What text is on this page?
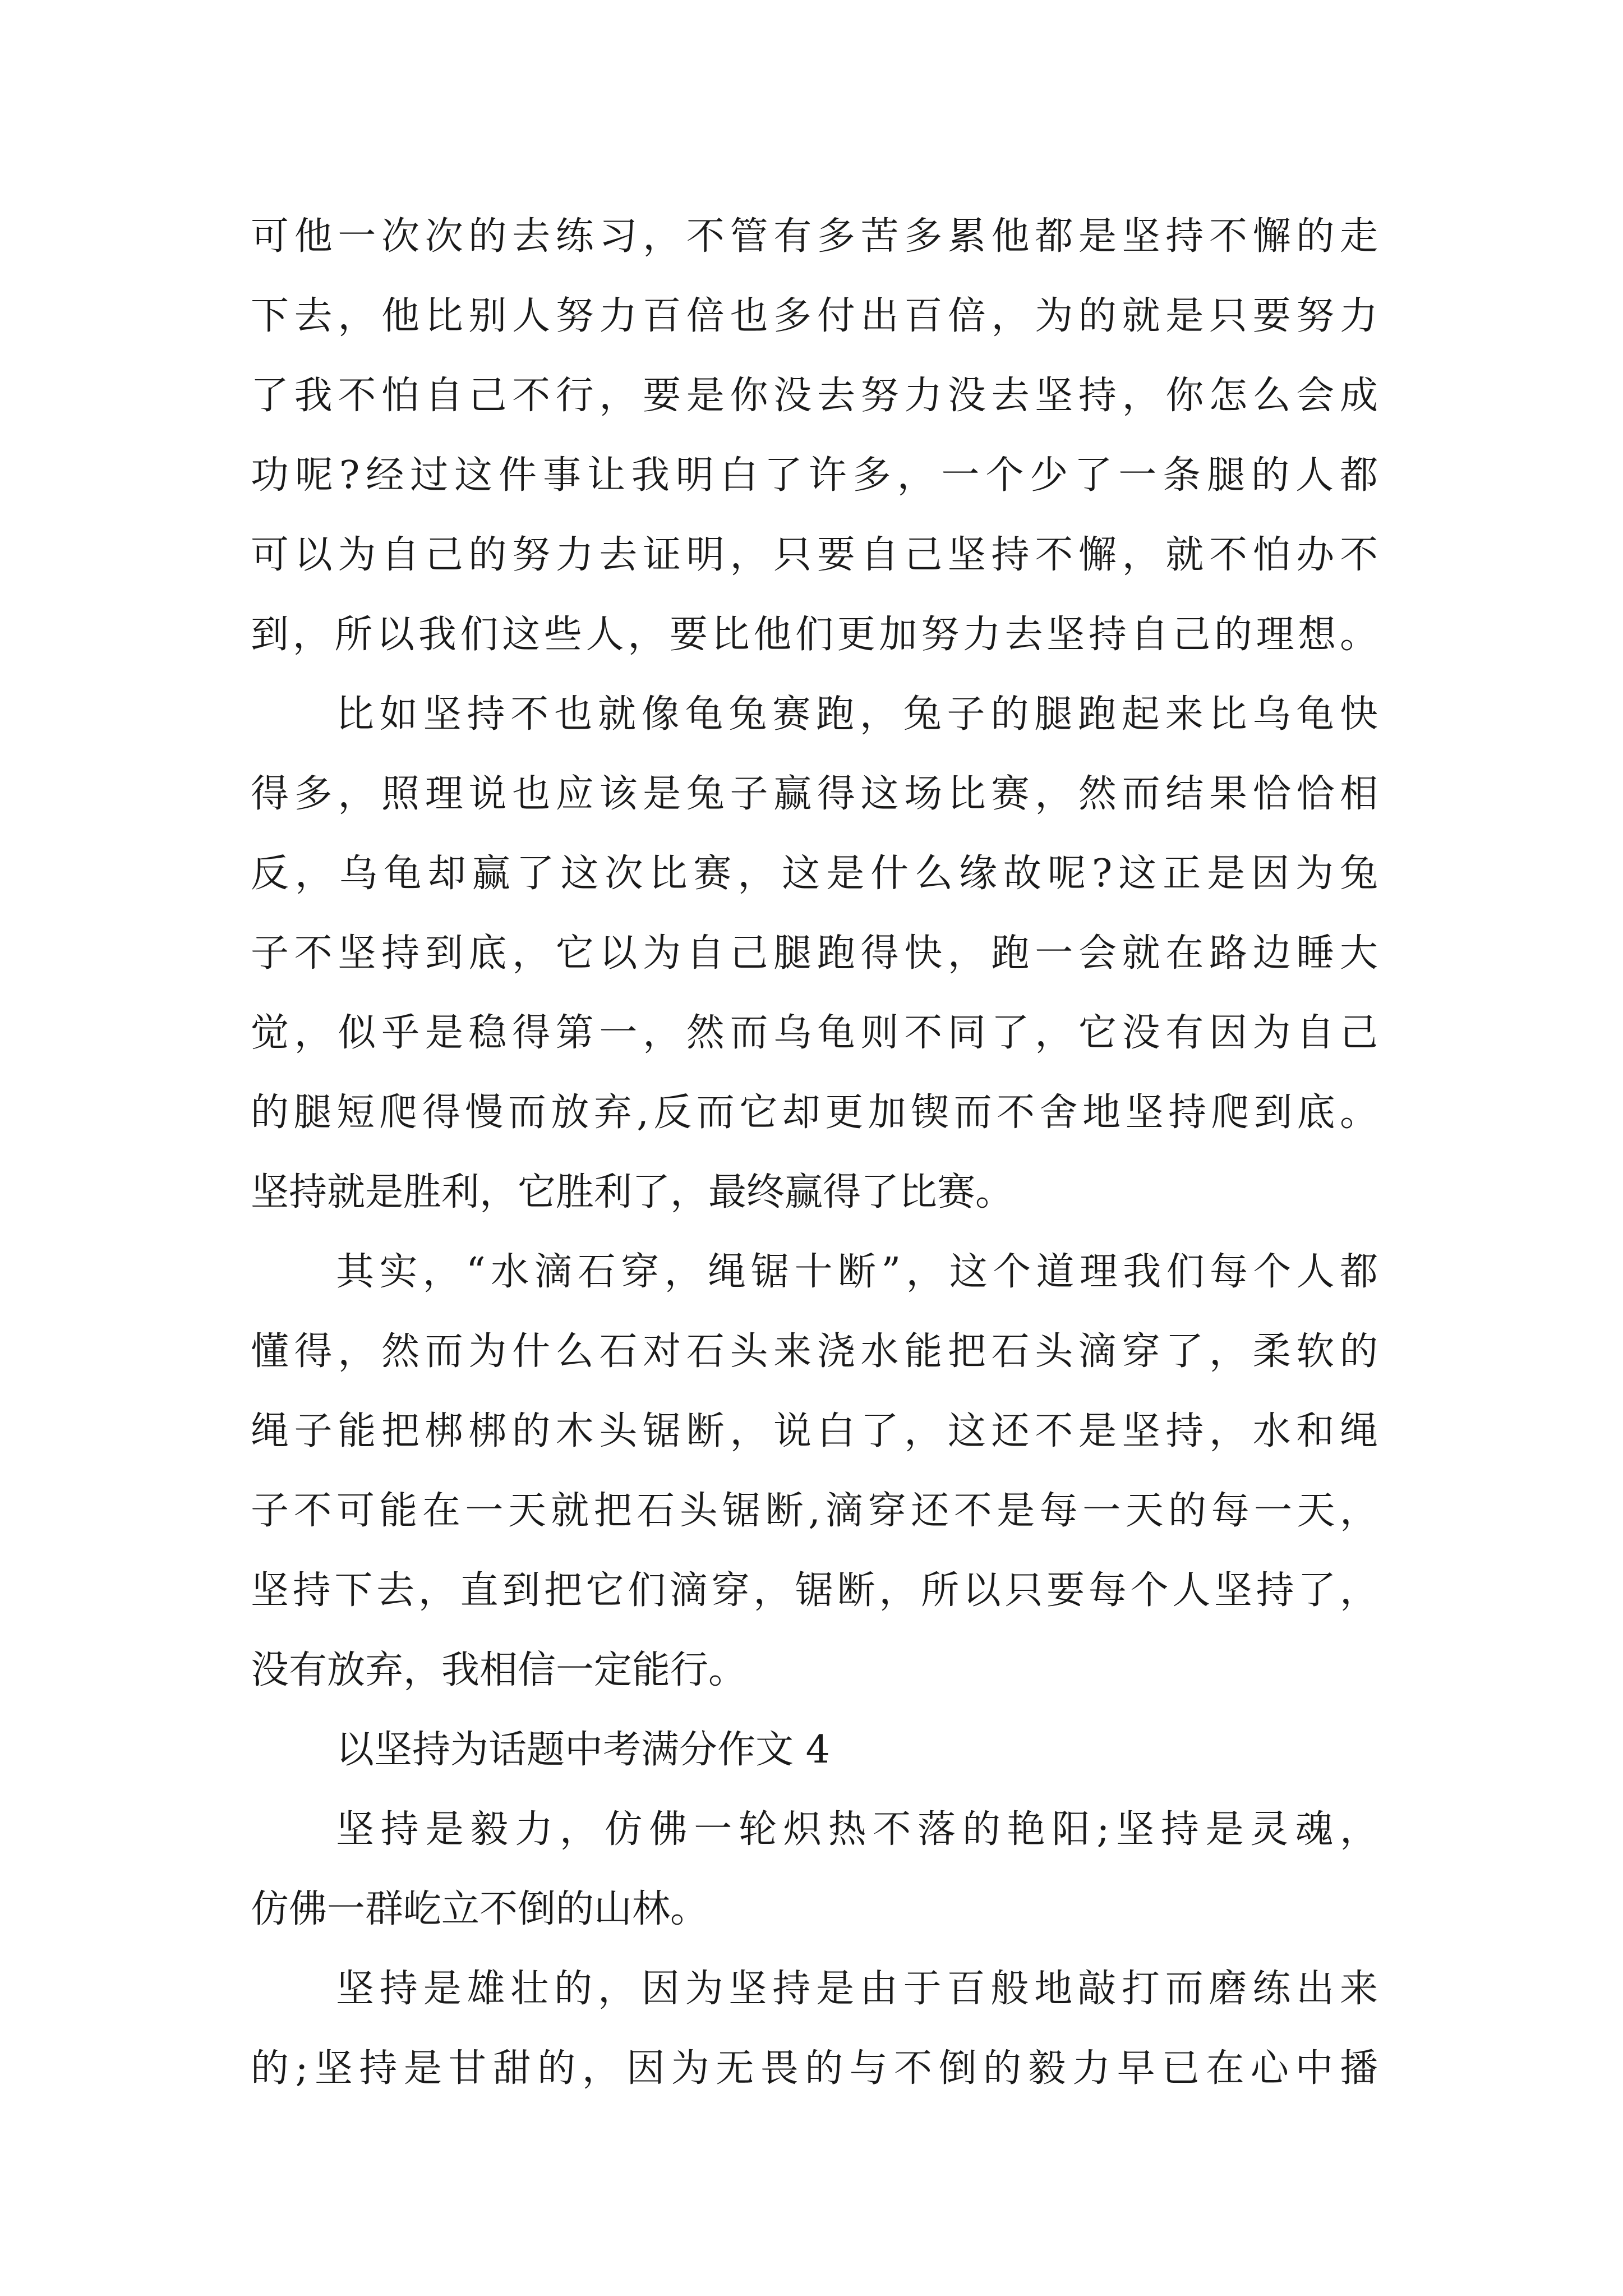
可他一次次的去练习，不管有多苦多累他都是坚持不懈的走

下去，他比别人努力百倍也多付出百倍，为的就是只要努力

了我不怕自己不行，要是你没去努力没去坚持，你怎么会成

功呢?经过这件事让我明白了许多，一个少了一条腿的人都

可以为自己的努力去证明，只要自己坚持不懈，就不怕办不

到，所以我们这些人，要比他们更加努力去坚持自己的理想。

比如坚持不也就像龟兔赛跑，兔子的腿跑起来比乌龟快

得多，照理说也应该是兔子赢得这场比赛，然而结果恰恰相

反，乌龟却赢了这次比赛，这是什么缘故呢?这正是因为兔

子不坚持到底，它以为自己腿跑得快，跑一会就在路边睡大

觉，似乎是稳得第一，然而乌龟则不同了，它没有因为自己

的腿短爬得慢而放弃,反而它却更加锲而不舍地坚持爬到底。

坚持就是胜利，它胜利了，最终赢得了比赛。

其实，“水滴石穿，绳锯十断”，这个道理我们每个人都

懂得，然而为什么石对石头来浇水能把石头滴穿了，柔软的

绳子能把梆梆的木头锯断，说白了，这还不是坚持，水和绳

子不可能在一天就把石头锯断,滴穿还不是每一天的每一天，

坚持下去，直到把它们滴穿，锯断，所以只要每个人坚持了，

没有放弃，我相信一定能行。

以坚持为话题中考满分作文 4

坚持是毅力，仿佛一轮炽热不落的艳阳;坚持是灵魂，

仿佛一群屹立不倒的山林。

坚持是雄壮的，因为坚持是由于百般地敲打而磨练出来

的;坚持是甘甜的，因为无畏的与不倒的毅力早已在心中播
